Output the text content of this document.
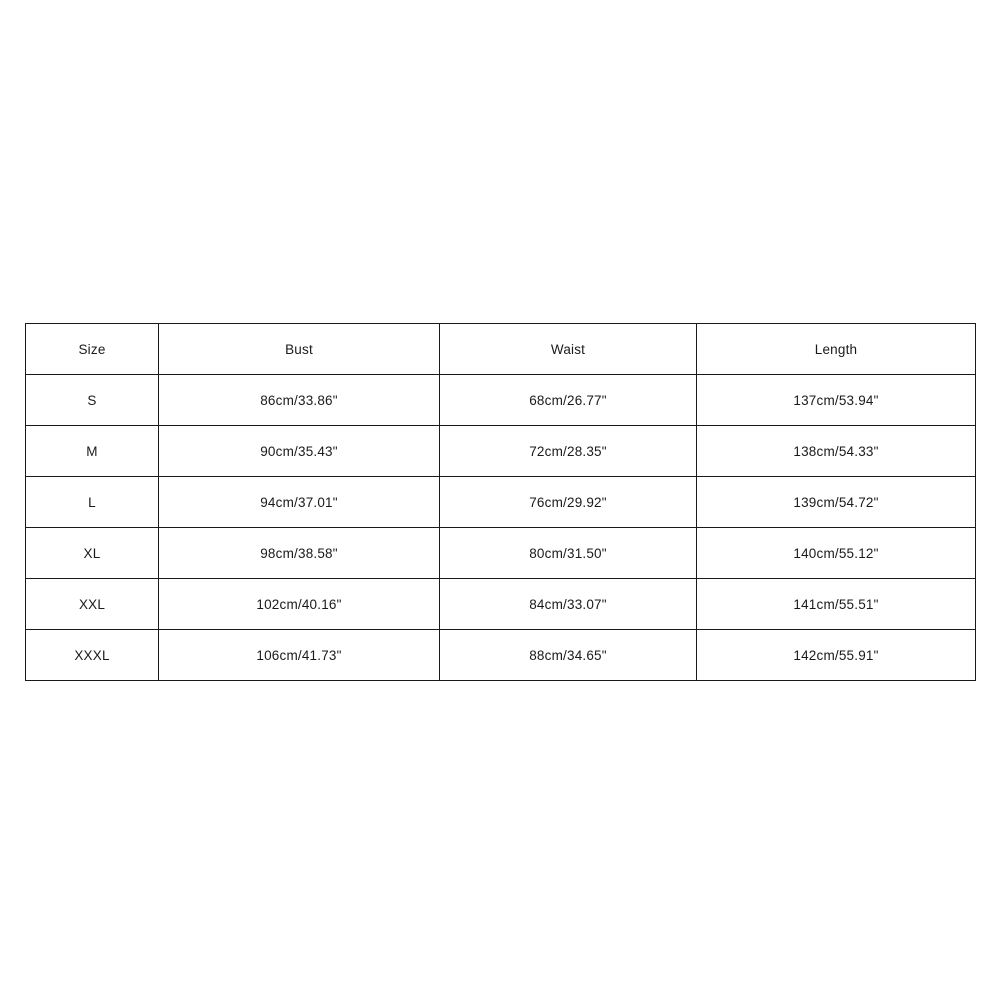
Size	Bust	Waist	Length
S	86cm/33.86"	68cm/26.77"	137cm/53.94"
M	90cm/35.43"	72cm/28.35"	138cm/54.33"
L	94cm/37.01"	76cm/29.92"	139cm/54.72"
XL	98cm/38.58"	80cm/31.50"	140cm/55.12"
XXL	102cm/40.16"	84cm/33.07"	141cm/55.51"
XXXL	106cm/41.73"	88cm/34.65"	142cm/55.91"
